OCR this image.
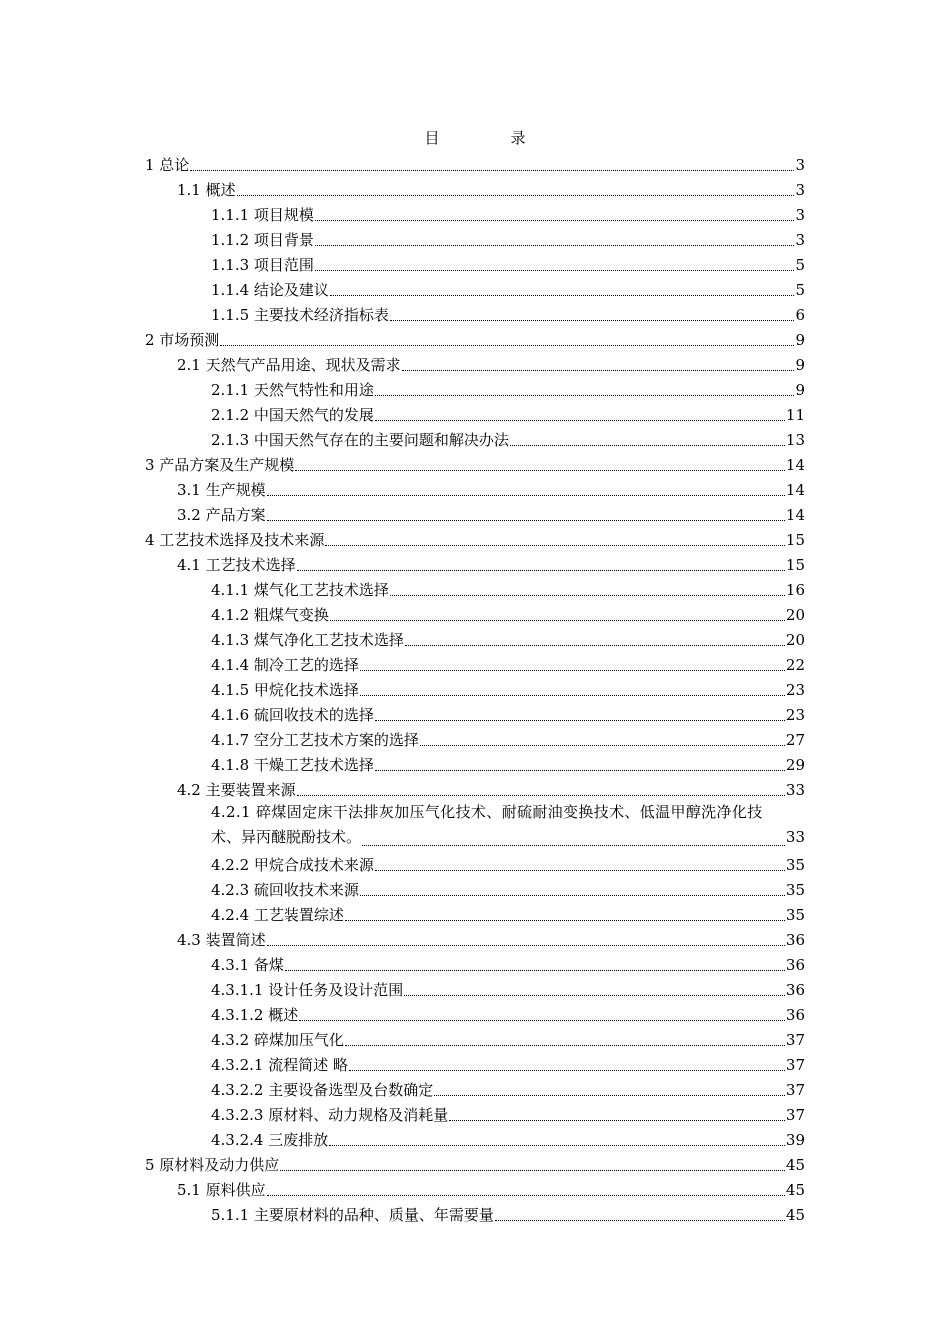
目　录
1 总论	3
1.1 概述	3
1.1.1 项目规模	3
1.1.2 项目背景	3
1.1.3 项目范围	5
1.1.4 结论及建议	5
1.1.5 主要技术经济指标表	6
2 市场预测	9
2.1 天然气产品用途、现状及需求	9
2.1.1 天然气特性和用途	9
2.1.2 中国天然气的发展	11
2.1.3 中国天然气存在的主要问题和解决办法	13
3 产品方案及生产规模	14
3.1 生产规模	14
3.2 产品方案	14
4 工艺技术选择及技术来源	15
4.1 工艺技术选择	15
4.1.1 煤气化工艺技术选择	16
4.1.2 粗煤气变换	20
4.1.3 煤气净化工艺技术选择	20
4.1.4 制冷工艺的选择	22
4.1.5 甲烷化技术选择	23
4.1.6 硫回收技术的选择	23
4.1.7 空分工艺技术方案的选择	27
4.1.8 干燥工艺技术选择	29
4.2 主要装置来源	33
4.2.1 碎煤固定床干法排灰加压气化技术、耐硫耐油变换技术、低温甲醇洗净化技
术、异丙醚脱酚技术。	33
4.2.2 甲烷合成技术来源	35
4.2.3 硫回收技术来源	35
4.2.4 工艺装置综述	35
4.3 装置简述	36
4.3.1 备煤	36
4.3.1.1 设计任务及设计范围	36
4.3.1.2 概述	36
4.3.2 碎煤加压气化	37
4.3.2.1 流程简述 略	37
4.3.2.2 主要设备选型及台数确定	37
4.3.2.3 原材料、动力规格及消耗量	37
4.3.2.4 三废排放	39
5 原材料及动力供应	45
5.1 原料供应	45
5.1.1 主要原材料的品种、质量、年需要量	45
